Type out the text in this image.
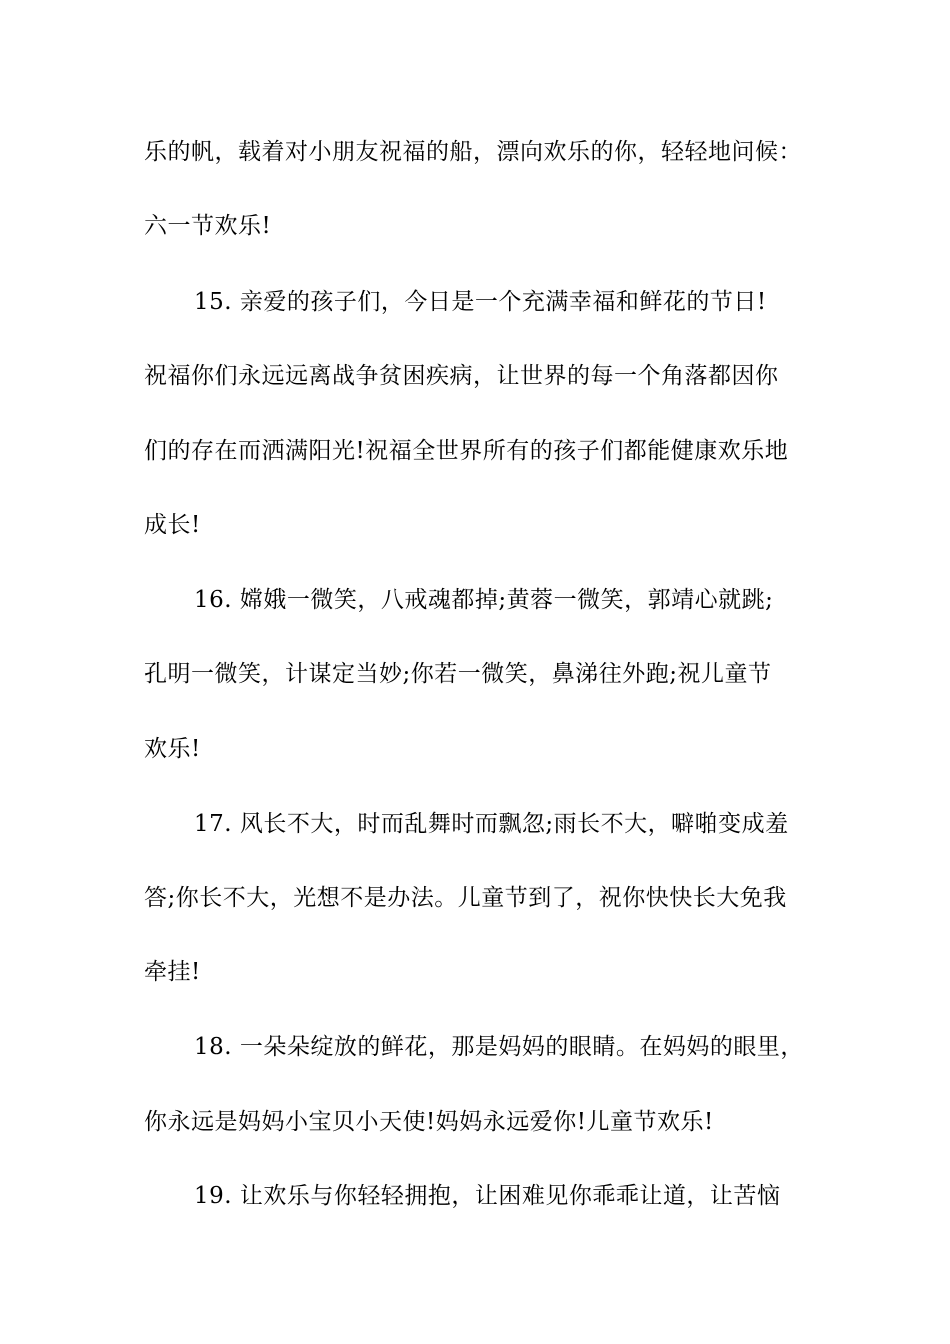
乐的帆，载着对小朋友祝福的船，漂向欢乐的你，轻轻地问候：
六一节欢乐!
15. 亲爱的孩子们，今日是一个充满幸福和鲜花的节日!
祝福你们永远远离战争贫困疾病，让世界的每一个角落都因你
们的存在而洒满阳光!祝福全世界所有的孩子们都能健康欢乐地
成长!
16. 嫦娥一微笑，八戒魂都掉;黄蓉一微笑，郭靖心就跳;
孔明一微笑，计谋定当妙;你若一微笑，鼻涕往外跑;祝儿童节
欢乐!
17. 风长不大，时而乱舞时而飘忽;雨长不大，噼啪变成羞
答;你长不大，光想不是办法。儿童节到了，祝你快快长大免我
牵挂!
18. 一朵朵绽放的鲜花，那是妈妈的眼睛。在妈妈的眼里，
你永远是妈妈小宝贝小天使!妈妈永远爱你!儿童节欢乐!
19. 让欢乐与你轻轻拥抱，让困难见你乖乖让道，让苦恼
